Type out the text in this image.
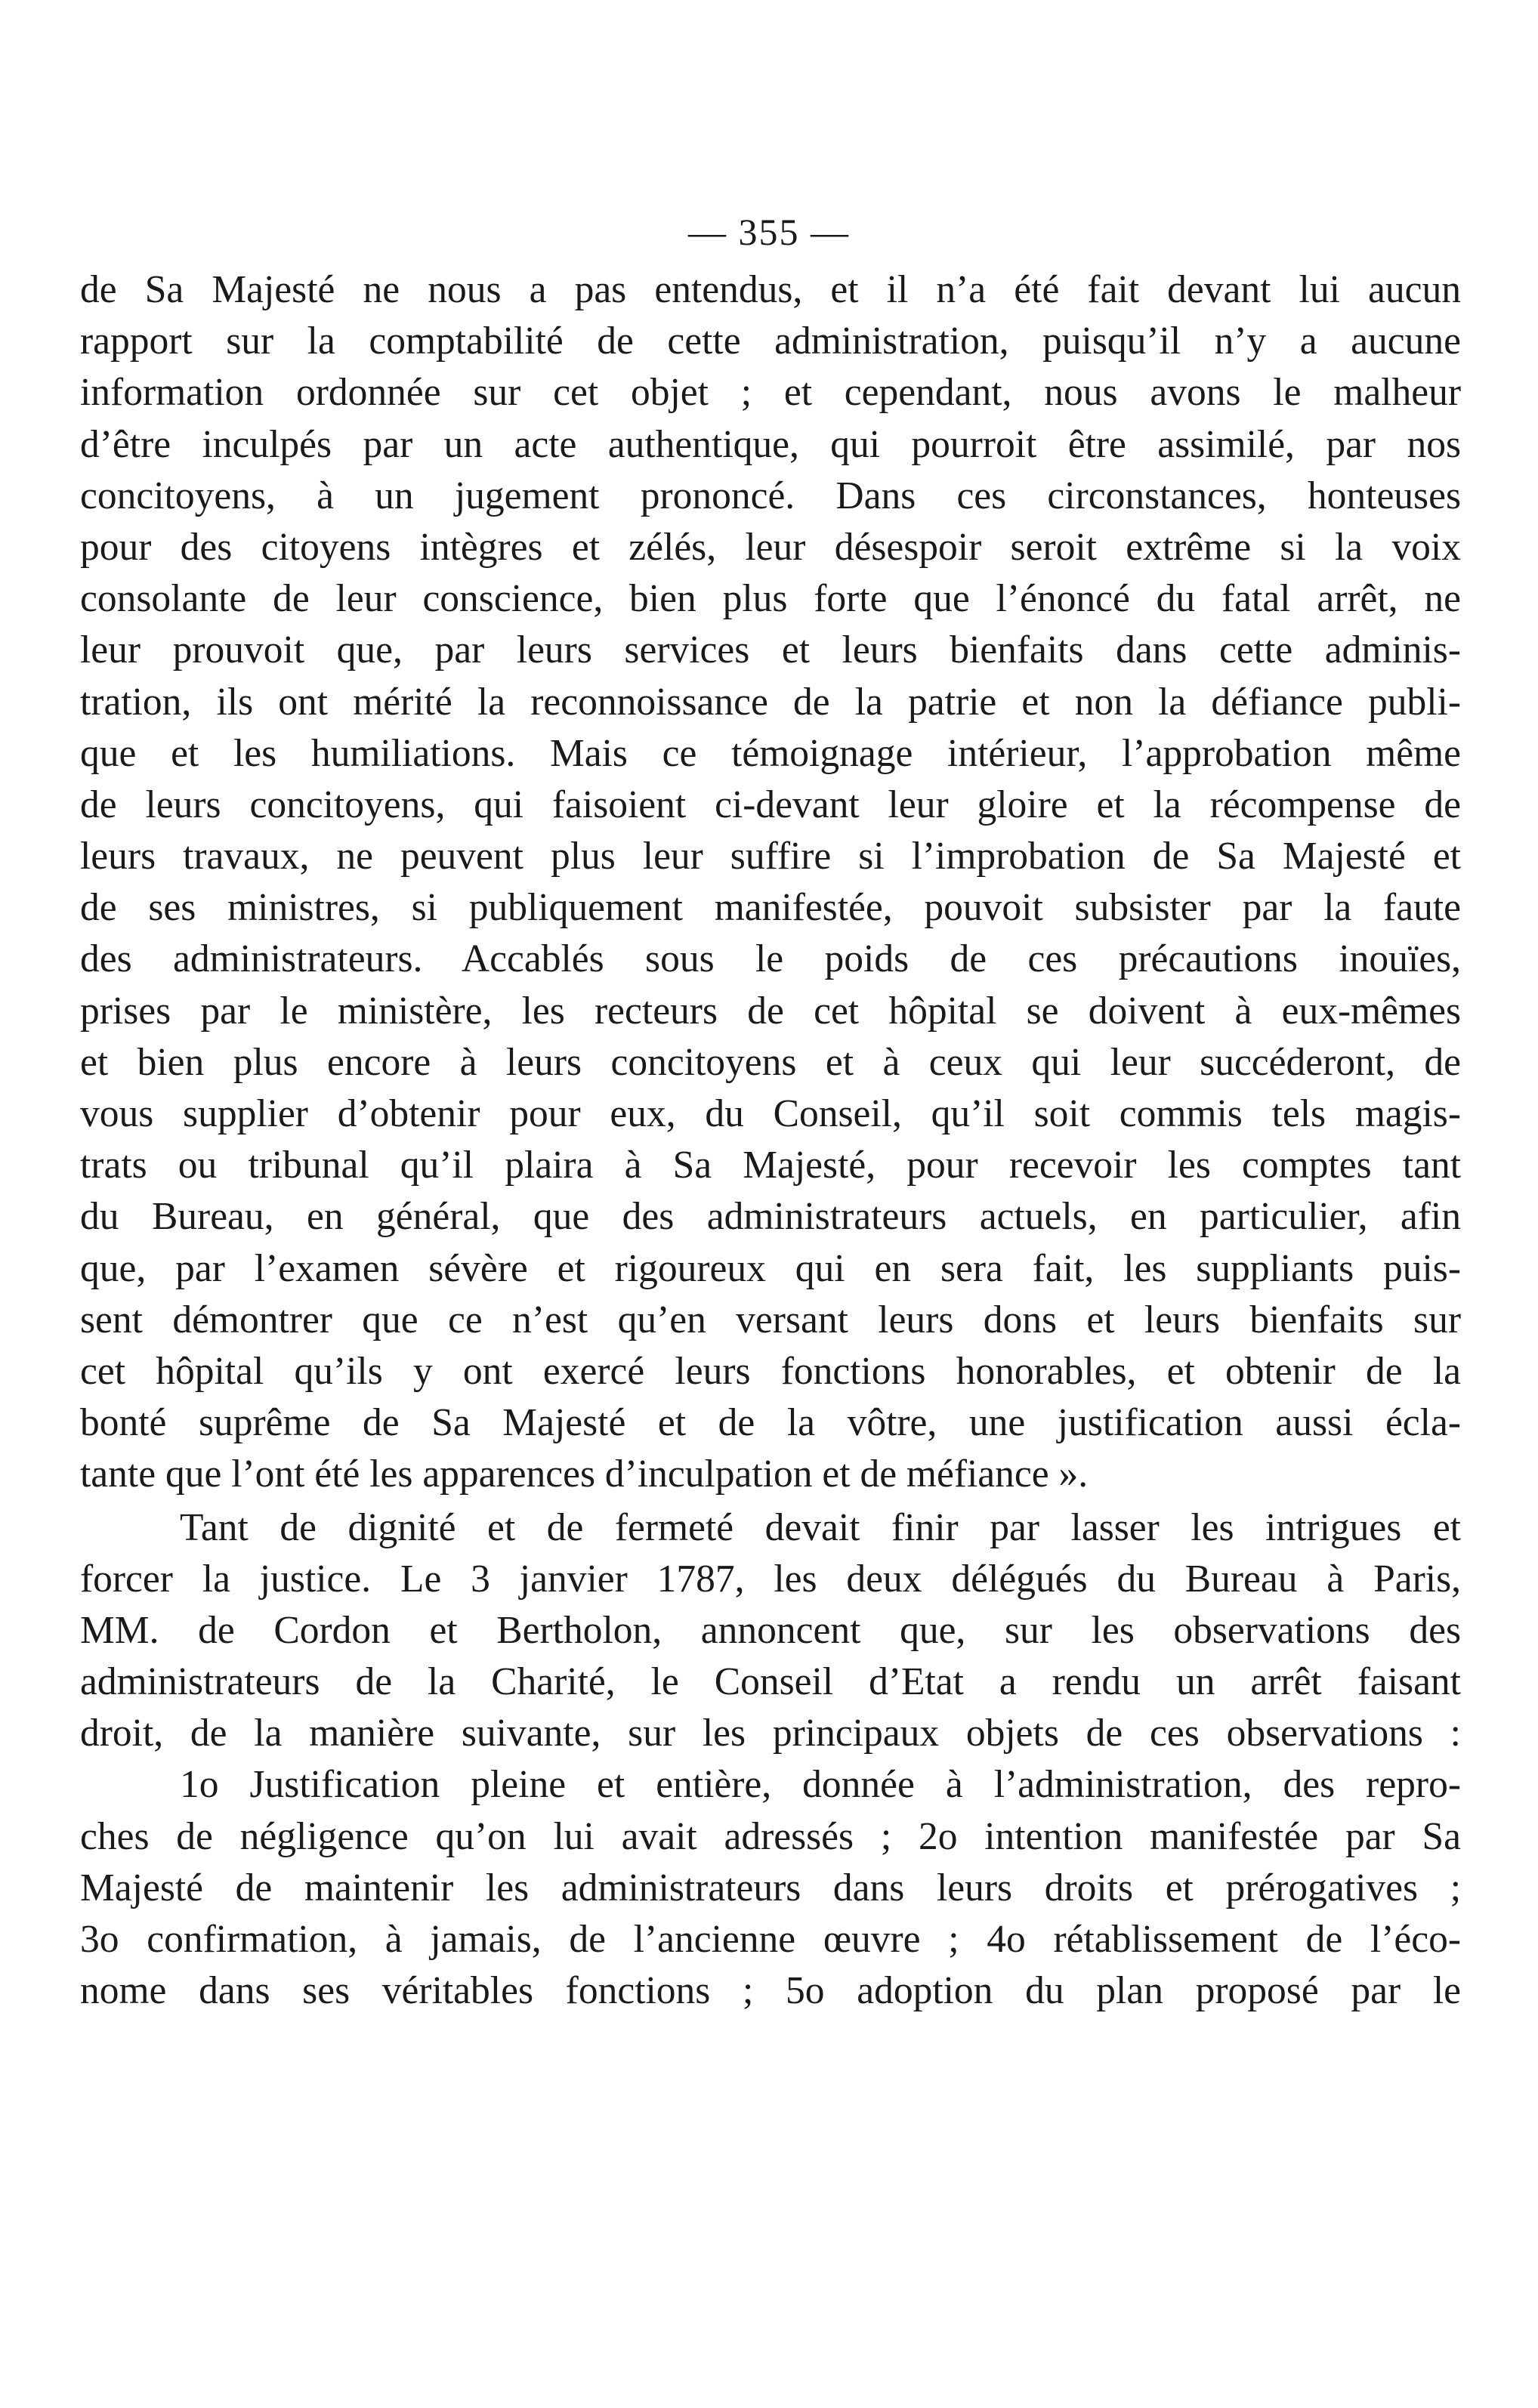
— 355 —
de Sa Majesté ne nous a pas entendus, et il n’a été fait devant lui aucun
rapport sur la comptabilité de cette administration, puisqu’il n’y a aucune
information ordonnée sur cet objet ; et cependant, nous avons le malheur
d’être inculpés par un acte authentique, qui pourroit être assimilé, par nos
concitoyens, à un jugement prononcé. Dans ces circonstances, honteuses
pour des citoyens intègres et zélés, leur désespoir seroit extrême si la voix
consolante de leur conscience, bien plus forte que l’énoncé du fatal arrêt, ne
leur prouvoit que, par leurs services et leurs bienfaits dans cette adminis-
tration, ils ont mérité la reconnoissance de la patrie et non la défiance publi-
que et les humiliations. Mais ce témoignage intérieur, l’approbation même
de leurs concitoyens, qui faisoient ci-devant leur gloire et la récompense de
leurs travaux, ne peuvent plus leur suffire si l’improbation de Sa Majesté et
de ses ministres, si publiquement manifestée, pouvoit subsister par la faute
des administrateurs. Accablés sous le poids de ces précautions inouïes,
prises par le ministère, les recteurs de cet hôpital se doivent à eux-mêmes
et bien plus encore à leurs concitoyens et à ceux qui leur succéderont, de
vous supplier d’obtenir pour eux, du Conseil, qu’il soit commis tels magis-
trats ou tribunal qu’il plaira à Sa Majesté, pour recevoir les comptes tant
du Bureau, en général, que des administrateurs actuels, en particulier, afin
que, par l’examen sévère et rigoureux qui en sera fait, les suppliants puis-
sent démontrer que ce n’est qu’en versant leurs dons et leurs bienfaits sur
cet hôpital qu’ils y ont exercé leurs fonctions honorables, et obtenir de la
bonté suprême de Sa Majesté et de la vôtre, une justification aussi écla-
tante que l’ont été les apparences d’inculpation et de méfiance ».
Tant de dignité et de fermeté devait finir par lasser les intrigues et
forcer la justice. Le 3 janvier 1787, les deux délégués du Bureau à Paris,
MM. de Cordon et Bertholon, annoncent que, sur les observations des
administrateurs de la Charité, le Conseil d’Etat a rendu un arrêt faisant
droit, de la manière suivante, sur les principaux objets de ces observations :
1o Justification pleine et entière, donnée à l’administration, des repro-
ches de négligence qu’on lui avait adressés ; 2o intention manifestée par Sa
Majesté de maintenir les administrateurs dans leurs droits et prérogatives ;
3o confirmation, à jamais, de l’ancienne œuvre ; 4o rétablissement de l’éco-
nome dans ses véritables fonctions ; 5o adoption du plan proposé par le
